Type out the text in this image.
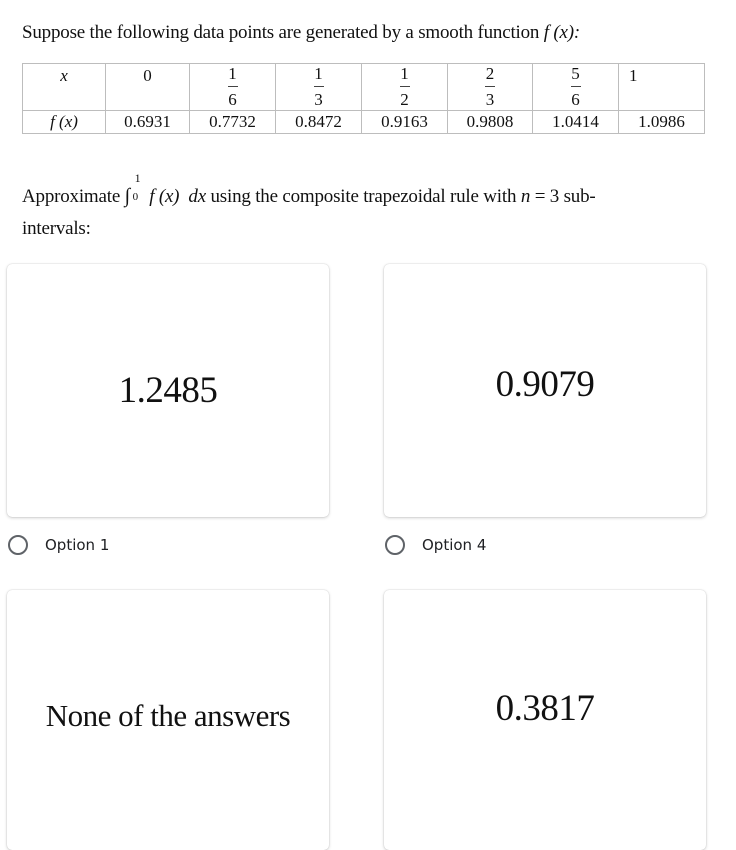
Suppose the following data points are generated by a smooth function f (x):
x	0	$\frac{1}{6}$	$\frac{1}{3}$	$\frac{1}{2}$	$\frac{2}{3}$	$\frac{5}{6}$	1

f (x)	0.6931	0.7732	0.8472	0.9163	0.9808	1.0414	1.0986
Approximate ∫
1
0 f (x)  dx using the composite trapezoidal rule with n = 3 sub-
intervals:
1.2485
Option 1
0.9079
Option 4
None of the answers	0.3817
